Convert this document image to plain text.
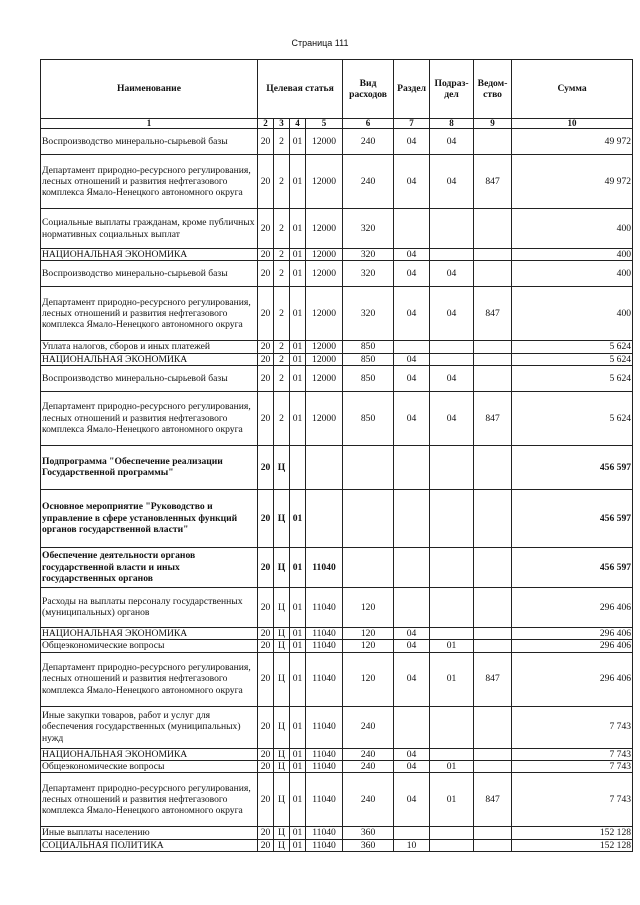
Страница 111
Наименование	Целевая статья				Вид расходов	Раздел	Подраз-дел	Ведом-ство	Сумма
1	2	3	4	5	6	7	8	9	10
Воспроизводство минерально-сырьевой базы	20	2	01	12000	240	04	04		49 972
Департамент природно-ресурсного регулирования, лесных отношений и развития нефтегазового комплекса Ямало-Ненецкого автономного округа	20	2	01	12000	240	04	04	847	49 972
Социальные выплаты гражданам, кроме публичных нормативных социальных выплат	20	2	01	12000	320				400
НАЦИОНАЛЬНАЯ ЭКОНОМИКА	20	2	01	12000	320	04			400
Воспроизводство минерально-сырьевой базы	20	2	01	12000	320	04	04		400
Департамент природно-ресурсного регулирования, лесных отношений и развития нефтегазового комплекса Ямало-Ненецкого автономного округа	20	2	01	12000	320	04	04	847	400
Уплата налогов, сборов и иных платежей	20	2	01	12000	850				5 624
НАЦИОНАЛЬНАЯ ЭКОНОМИКА	20	2	01	12000	850	04			5 624
Воспроизводство минерально-сырьевой базы	20	2	01	12000	850	04	04		5 624
Департамент природно-ресурсного регулирования, лесных отношений и развития нефтегазового комплекса Ямало-Ненецкого автономного округа	20	2	01	12000	850	04	04	847	5 624
Подпрограмма "Обеспечение реализации Государственной программы"	20	Ц							456 597
Основное мероприятие "Руководство и управление в сфере установленных функций органов государственной власти"	20	Ц	01						456 597
Обеспечение деятельности органов государственной власти и иных государственных органов	20	Ц	01	11040					456 597
Расходы на выплаты персоналу государственных (муниципальных) органов	20	Ц	01	11040	120				296 406
НАЦИОНАЛЬНАЯ ЭКОНОМИКА	20	Ц	01	11040	120	04			296 406
Общеэкономические вопросы	20	Ц	01	11040	120	04	01		296 406
Департамент природно-ресурсного регулирования, лесных отношений и развития нефтегазового комплекса Ямало-Ненецкого автономного округа	20	Ц	01	11040	120	04	01	847	296 406
Иные закупки товаров, работ и услуг для обеспечения государственных (муниципальных) нужд	20	Ц	01	11040	240				7 743
НАЦИОНАЛЬНАЯ ЭКОНОМИКА	20	Ц	01	11040	240	04			7 743
Общеэкономические вопросы	20	Ц	01	11040	240	04	01		7 743
Департамент природно-ресурсного регулирования, лесных отношений и развития нефтегазового комплекса Ямало-Ненецкого автономного округа	20	Ц	01	11040	240	04	01	847	7 743
Иные выплаты населению	20	Ц	01	11040	360				152 128
СОЦИАЛЬНАЯ ПОЛИТИКА	20	Ц	01	11040	360	10			152 128
